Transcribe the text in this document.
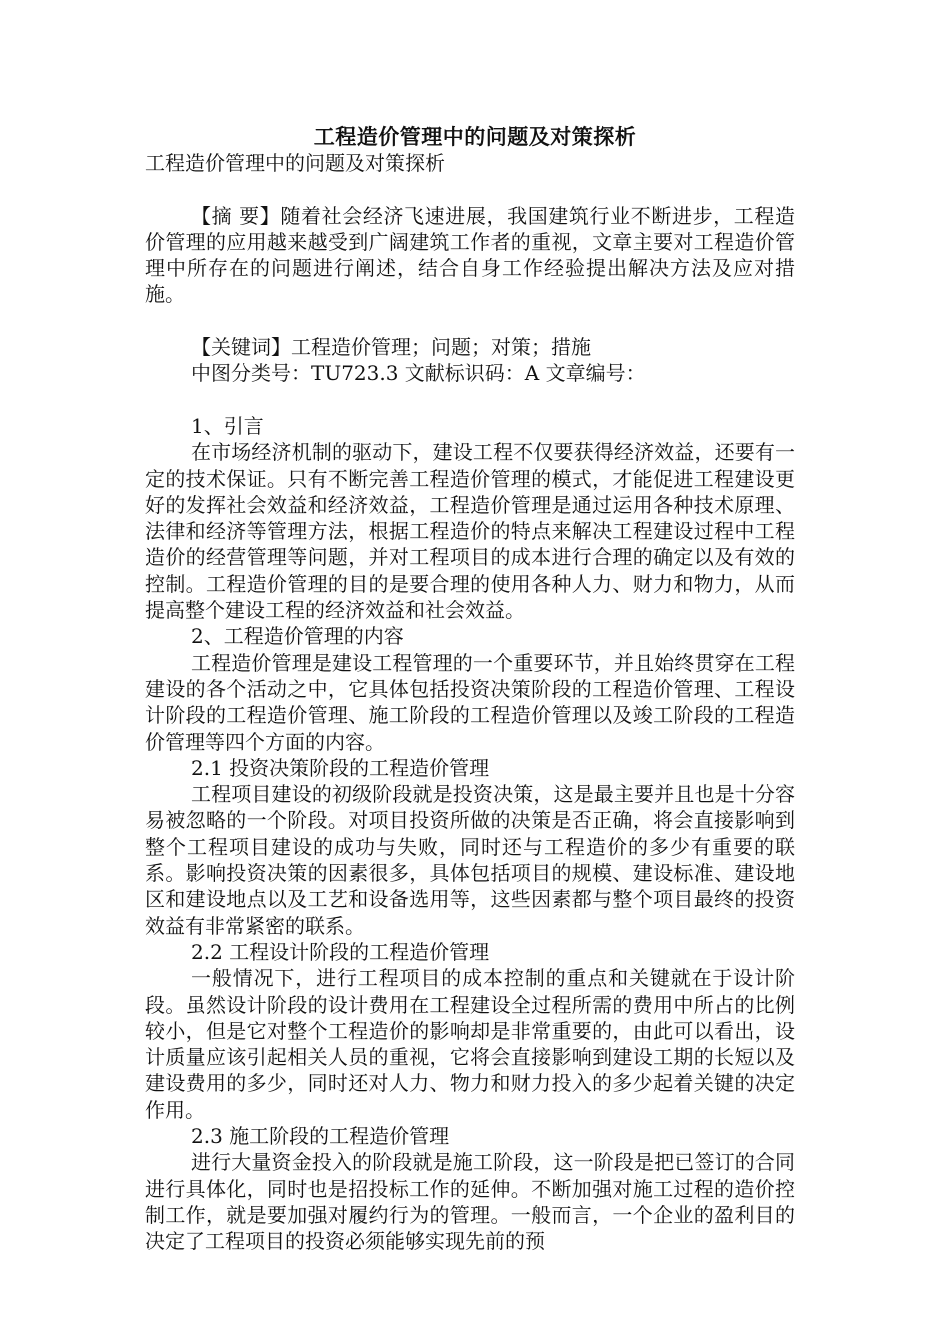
工程造价管理中的问题及对策探析

工程造价管理中的问题及对策探析

【摘 要】随着社会经济飞速进展，我国建筑行业不断进步，工程造价管理的应用越来越受到广阔建筑工作者的重视，文章主要对工程造价管理中所存在的问题进行阐述，结合自身工作经验提出解决方法及应对措施。

【关键词】工程造价管理；问题；对策；措施

中图分类号：TU723.3 文献标识码：A 文章编号：

1、引言

在市场经济机制的驱动下，建设工程不仅要获得经济效益，还要有一定的技术保证。只有不断完善工程造价管理的模式，才能促进工程建设更好的发挥社会效益和经济效益，工程造价管理是通过运用各种技术原理、法律和经济等管理方法，根据工程造价的特点来解决工程建设过程中工程造价的经营管理等问题，并对工程项目的成本进行合理的确定以及有效的控制。工程造价管理的目的是要合理的使用各种人力、财力和物力，从而提高整个建设工程的经济效益和社会效益。

2、工程造价管理的内容

工程造价管理是建设工程管理的一个重要环节，并且始终贯穿在工程建设的各个活动之中，它具体包括投资决策阶段的工程造价管理、工程设计阶段的工程造价管理、施工阶段的工程造价管理以及竣工阶段的工程造价管理等四个方面的内容。

2.1 投资决策阶段的工程造价管理

工程项目建设的初级阶段就是投资决策，这是最主要并且也是十分容易被忽略的一个阶段。对项目投资所做的决策是否正确，将会直接影响到整个工程项目建设的成功与失败，同时还与工程造价的多少有重要的联系。影响投资决策的因素很多，具体包括项目的规模、建设标准、建设地区和建设地点以及工艺和设备选用等，这些因素都与整个项目最终的投资效益有非常紧密的联系。

2.2 工程设计阶段的工程造价管理

一般情况下，进行工程项目的成本控制的重点和关键就在于设计阶段。虽然设计阶段的设计费用在工程建设全过程所需的费用中所占的比例较小，但是它对整个工程造价的影响却是非常重要的，由此可以看出，设计质量应该引起相关人员的重视，它将会直接影响到建设工期的长短以及建设费用的多少，同时还对人力、物力和财力投入的多少起着关键的决定作用。

2.3 施工阶段的工程造价管理

进行大量资金投入的阶段就是施工阶段，这一阶段是把已签订的合同进行具体化，同时也是招投标工作的延伸。不断加强对施工过程的造价控制工作，就是要加强对履约行为的管理。一般而言，一个企业的盈利目的决定了工程项目的投资必须能够实现先前的预
